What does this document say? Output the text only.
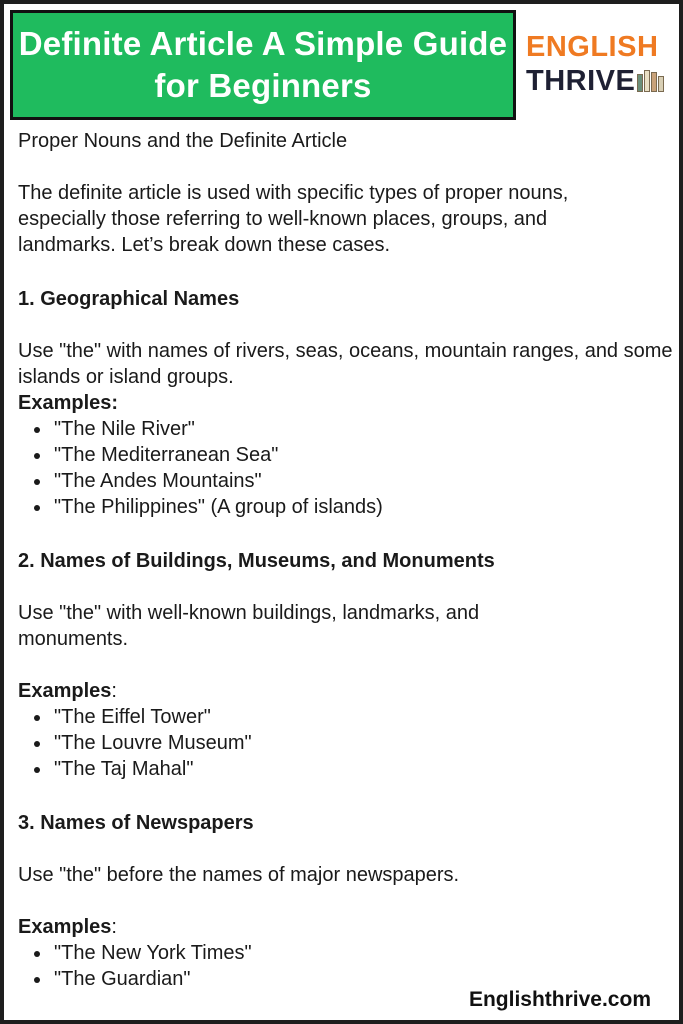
Definite Article A Simple Guide for Beginners
ENGLISH
THRIVE

Proper Nouns and the Definite Article

The definite article is used with specific types of proper nouns, especially those referring to well-known places, groups, and landmarks. Let’s break down these cases.

1. Geographical Names

Use "the" with names of rivers, seas, oceans, mountain ranges, and some islands or island groups.

Examples:

"The Nile River"
"The Mediterranean Sea"
"The Andes Mountains"
"The Philippines" (A group of islands)

2. Names of Buildings, Museums, and Monuments

Use "the" with well-known buildings, landmarks, and monuments.

Examples:

"The Eiffel Tower"
"The Louvre Museum"
"The Taj Mahal"

3. Names of Newspapers

Use "the" before the names of major newspapers.

Examples:

"The New York Times"
"The Guardian"
Englishthrive.com
